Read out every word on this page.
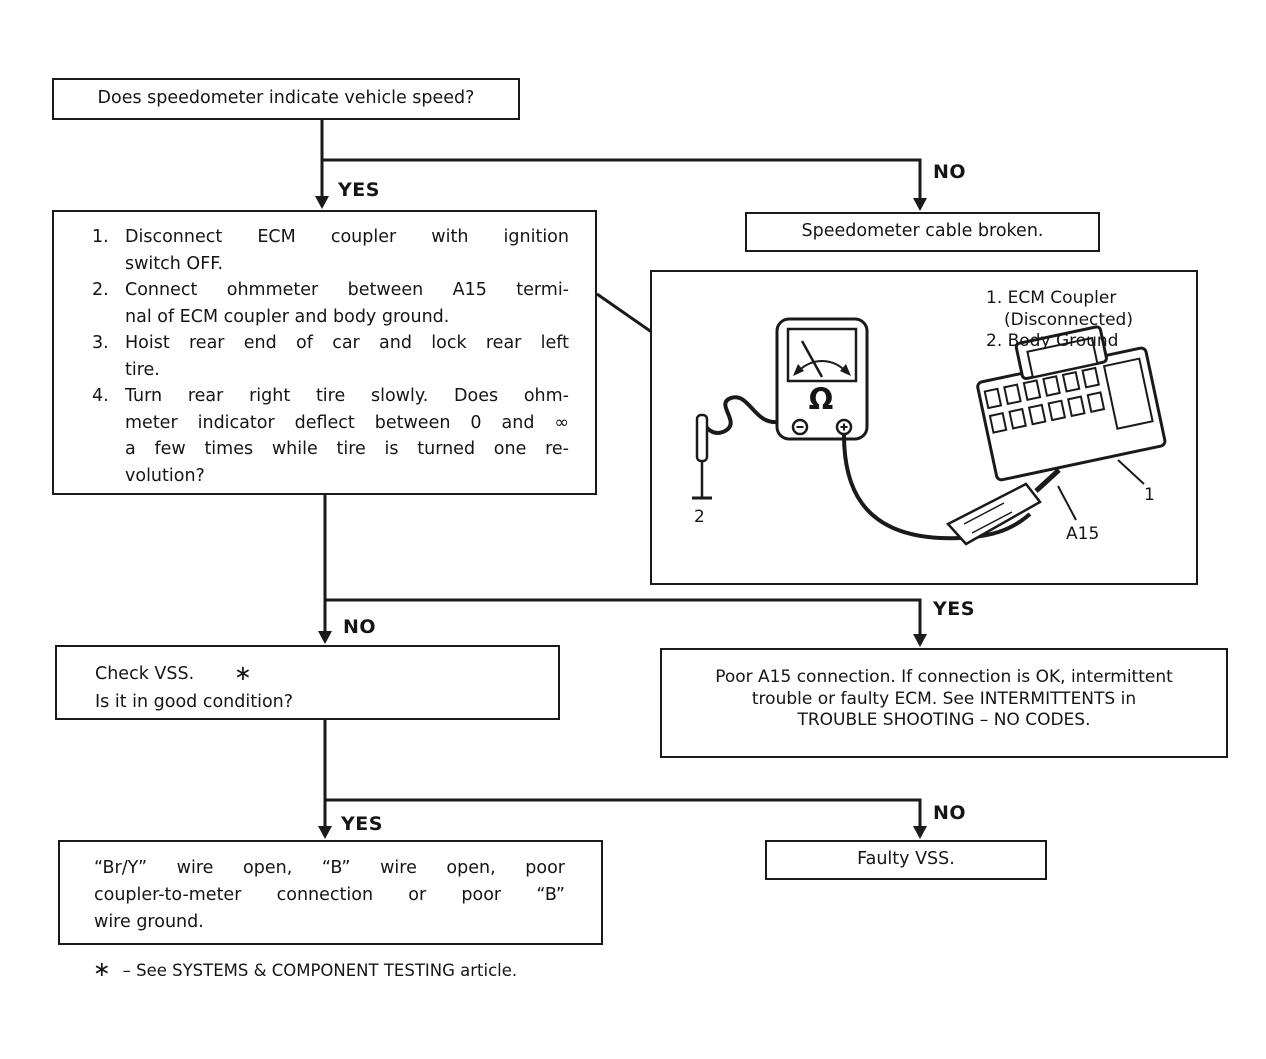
Does speedometer indicate vehicle speed?
YES
NO
NO
YES
YES	NO
Speedometer cable broken.
1. Disconnect ECM coupler with ignition
switch OFF.
2. Connect ohmmeter between A15 termi-
nal of ECM coupler and body ground.
3. Hoist rear end of car and lock rear left
tire.
4. Turn rear right tire slowly. Does ohm-
meter indicator deflect between 0 and ∞
a few times while tire is turned one re-
volution?
1. ECM Coupler
(Disconnected)
2. Body Ground
Ω
2
A15
1
Check VSS. ∗
Is it in good condition?
Poor A15 connection. If connection is OK, intermittent
trouble or faulty ECM. See INTERMITTENTS in
TROUBLE SHOOTING – NO CODES.
“Br/Y” wire open, “B” wire open, poor
coupler-to-meter connection or poor “B”
wire ground.
Faulty VSS.
∗ – See SYSTEMS & COMPONENT TESTING article.
